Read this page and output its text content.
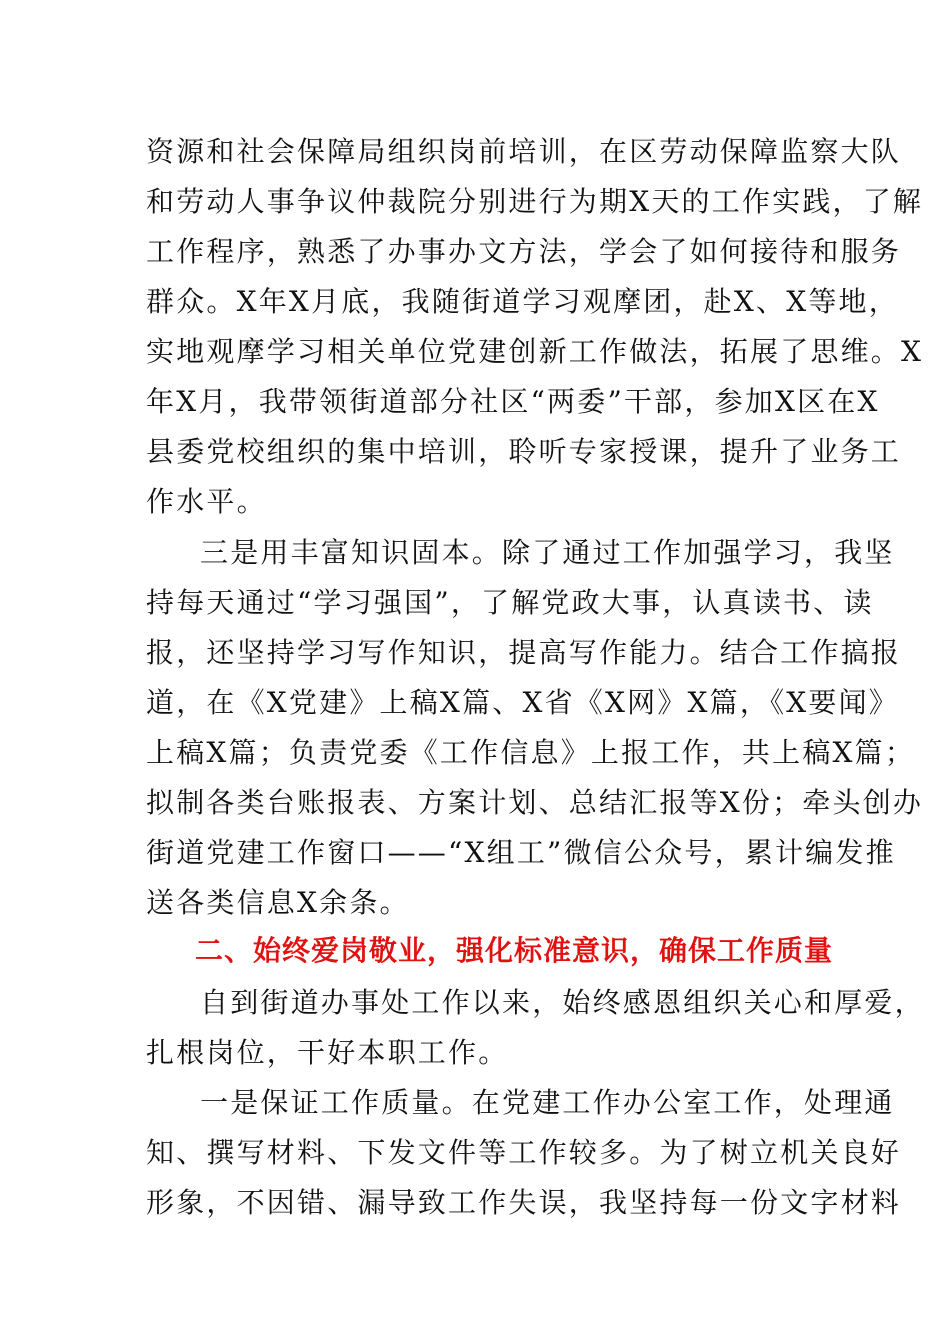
资源和社会保障局组织岗前培训，在区劳动保障监察大队
和劳动人事争议仲裁院分别进行为期X天的工作实践，了解
工作程序，熟悉了办事办文方法，学会了如何接待和服务
群众。X年X月底，我随街道学习观摩团，赴X、X等地，
实地观摩学习相关单位党建创新工作做法，拓展了思维。X
年X月，我带领街道部分社区“两委”干部，参加X区在X
县委党校组织的集中培训，聆听专家授课，提升了业务工
作水平。
三是用丰富知识固本。除了通过工作加强学习，我坚
持每天通过“学习强国”，了解党政大事，认真读书、读
报，还坚持学习写作知识，提高写作能力。结合工作搞报
道，在《X党建》上稿X篇、X省《X网》X篇，《X要闻》
上稿X篇；负责党委《工作信息》上报工作，共上稿X篇；
拟制各类台账报表、方案计划、总结汇报等X份；牵头创办
街道党建工作窗口——“X组工”微信公众号，累计编发推
送各类信息X余条。
二、始终爱岗敬业，强化标准意识，确保工作质量
自到街道办事处工作以来，始终感恩组织关心和厚爱，
扎根岗位，干好本职工作。
一是保证工作质量。在党建工作办公室工作，处理通
知、撰写材料、下发文件等工作较多。为了树立机关良好
形象，不因错、漏导致工作失误，我坚持每一份文字材料
